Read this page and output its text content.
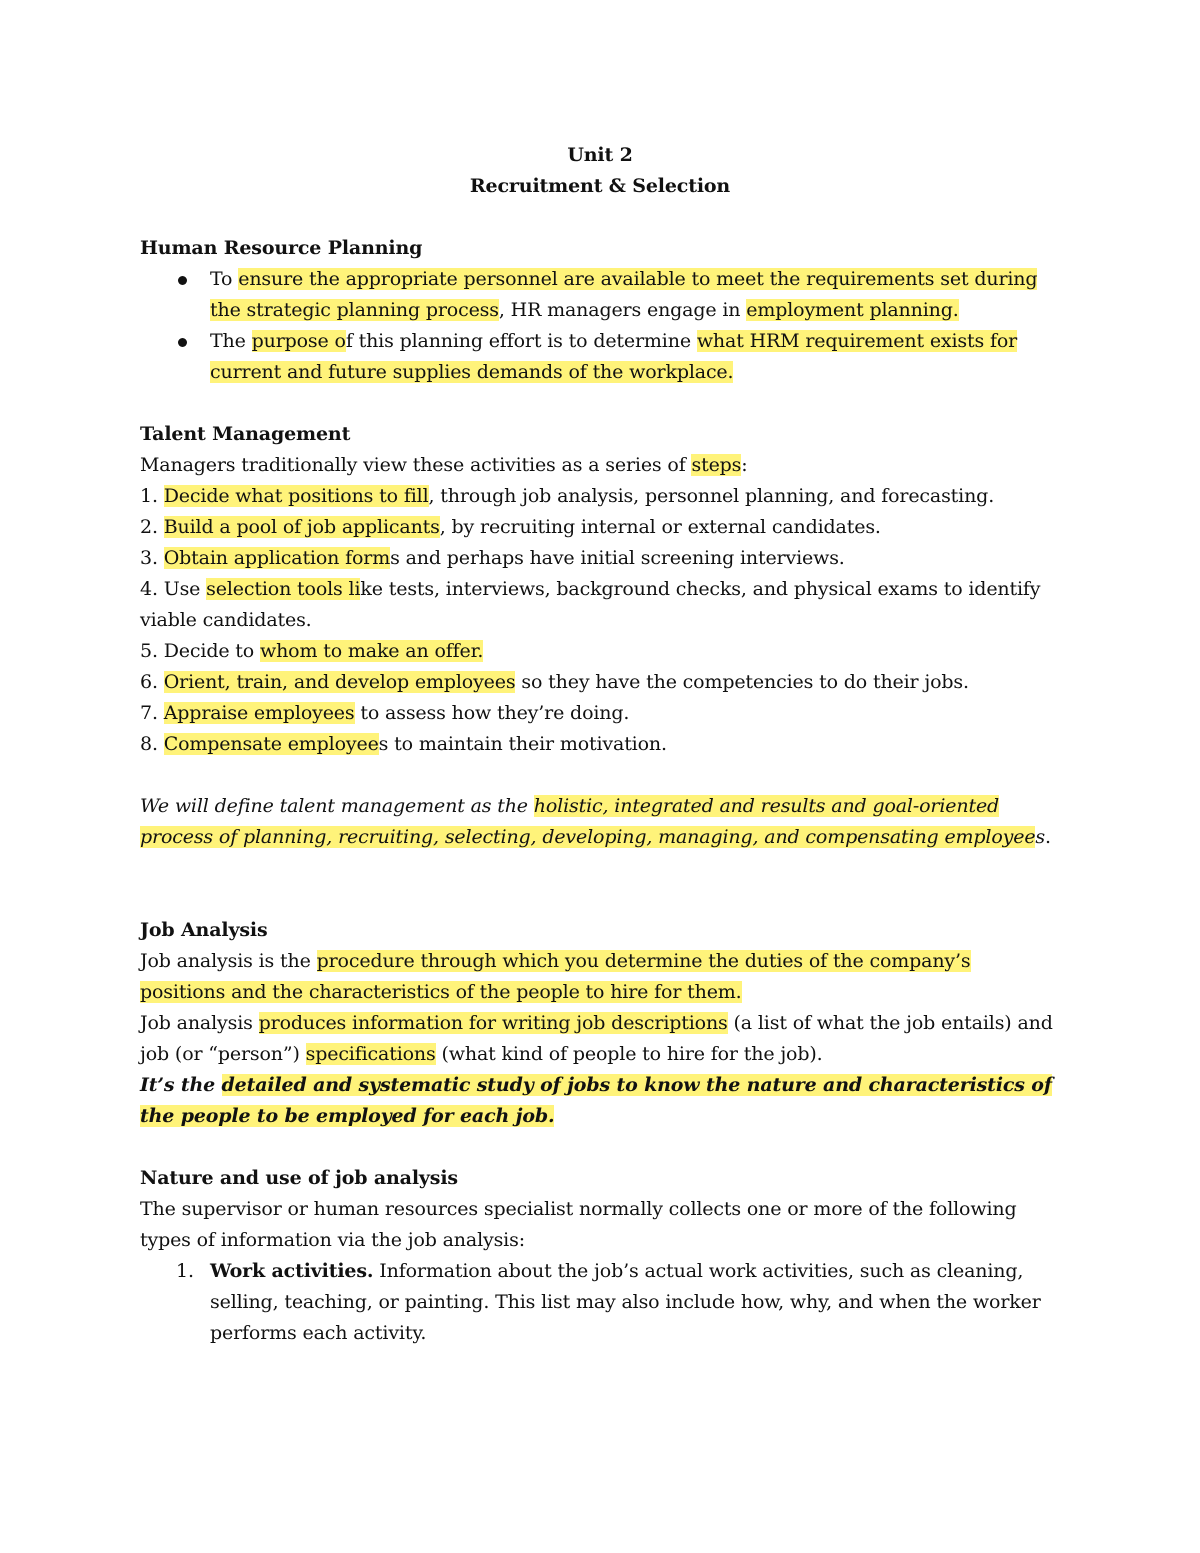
Unit 2
Recruitment & Selection
Human Resource Planning
To ensure the appropriate personnel are available to meet the requirements set during the strategic planning process, HR managers engage in employment planning.
The purpose of this planning effort is to determine what HRM requirement exists for current and future supplies demands of the workplace.
Talent Management

Managers traditionally view these activities as a series of steps:

1. Decide what positions to fill, through job analysis, personnel planning, and forecasting.

2. Build a pool of job applicants, by recruiting internal or external candidates.

3. Obtain application forms and perhaps have initial screening interviews.

4. Use selection tools like tests, interviews, background checks, and physical exams to identify viable candidates.

5. Decide to whom to make an offer.

6. Orient, train, and develop employees so they have the competencies to do their jobs.

7. Appraise employees to assess how they’re doing.

8. Compensate employees to maintain their motivation.

We will define talent management as the holistic, integrated and results and goal-oriented process of planning, recruiting, selecting, developing, managing, and compensating employees.

Job Analysis

Job analysis is the procedure through which you determine the duties of the company’s positions and the characteristics of the people to hire for them.

Job analysis produces information for writing job descriptions (a list of what the job entails) and job (or “person”) specifications (what kind of people to hire for the job).

It’s the detailed and systematic study of jobs to know the nature and characteristics of the people to be employed for each job.

Nature and use of job analysis

The supervisor or human resources specialist normally collects one or more of the following types of information via the job analysis:

1. Work activities. Information about the job’s actual work activities, such as cleaning, selling, teaching, or painting. This list may also include how, why, and when the worker performs each activity.
